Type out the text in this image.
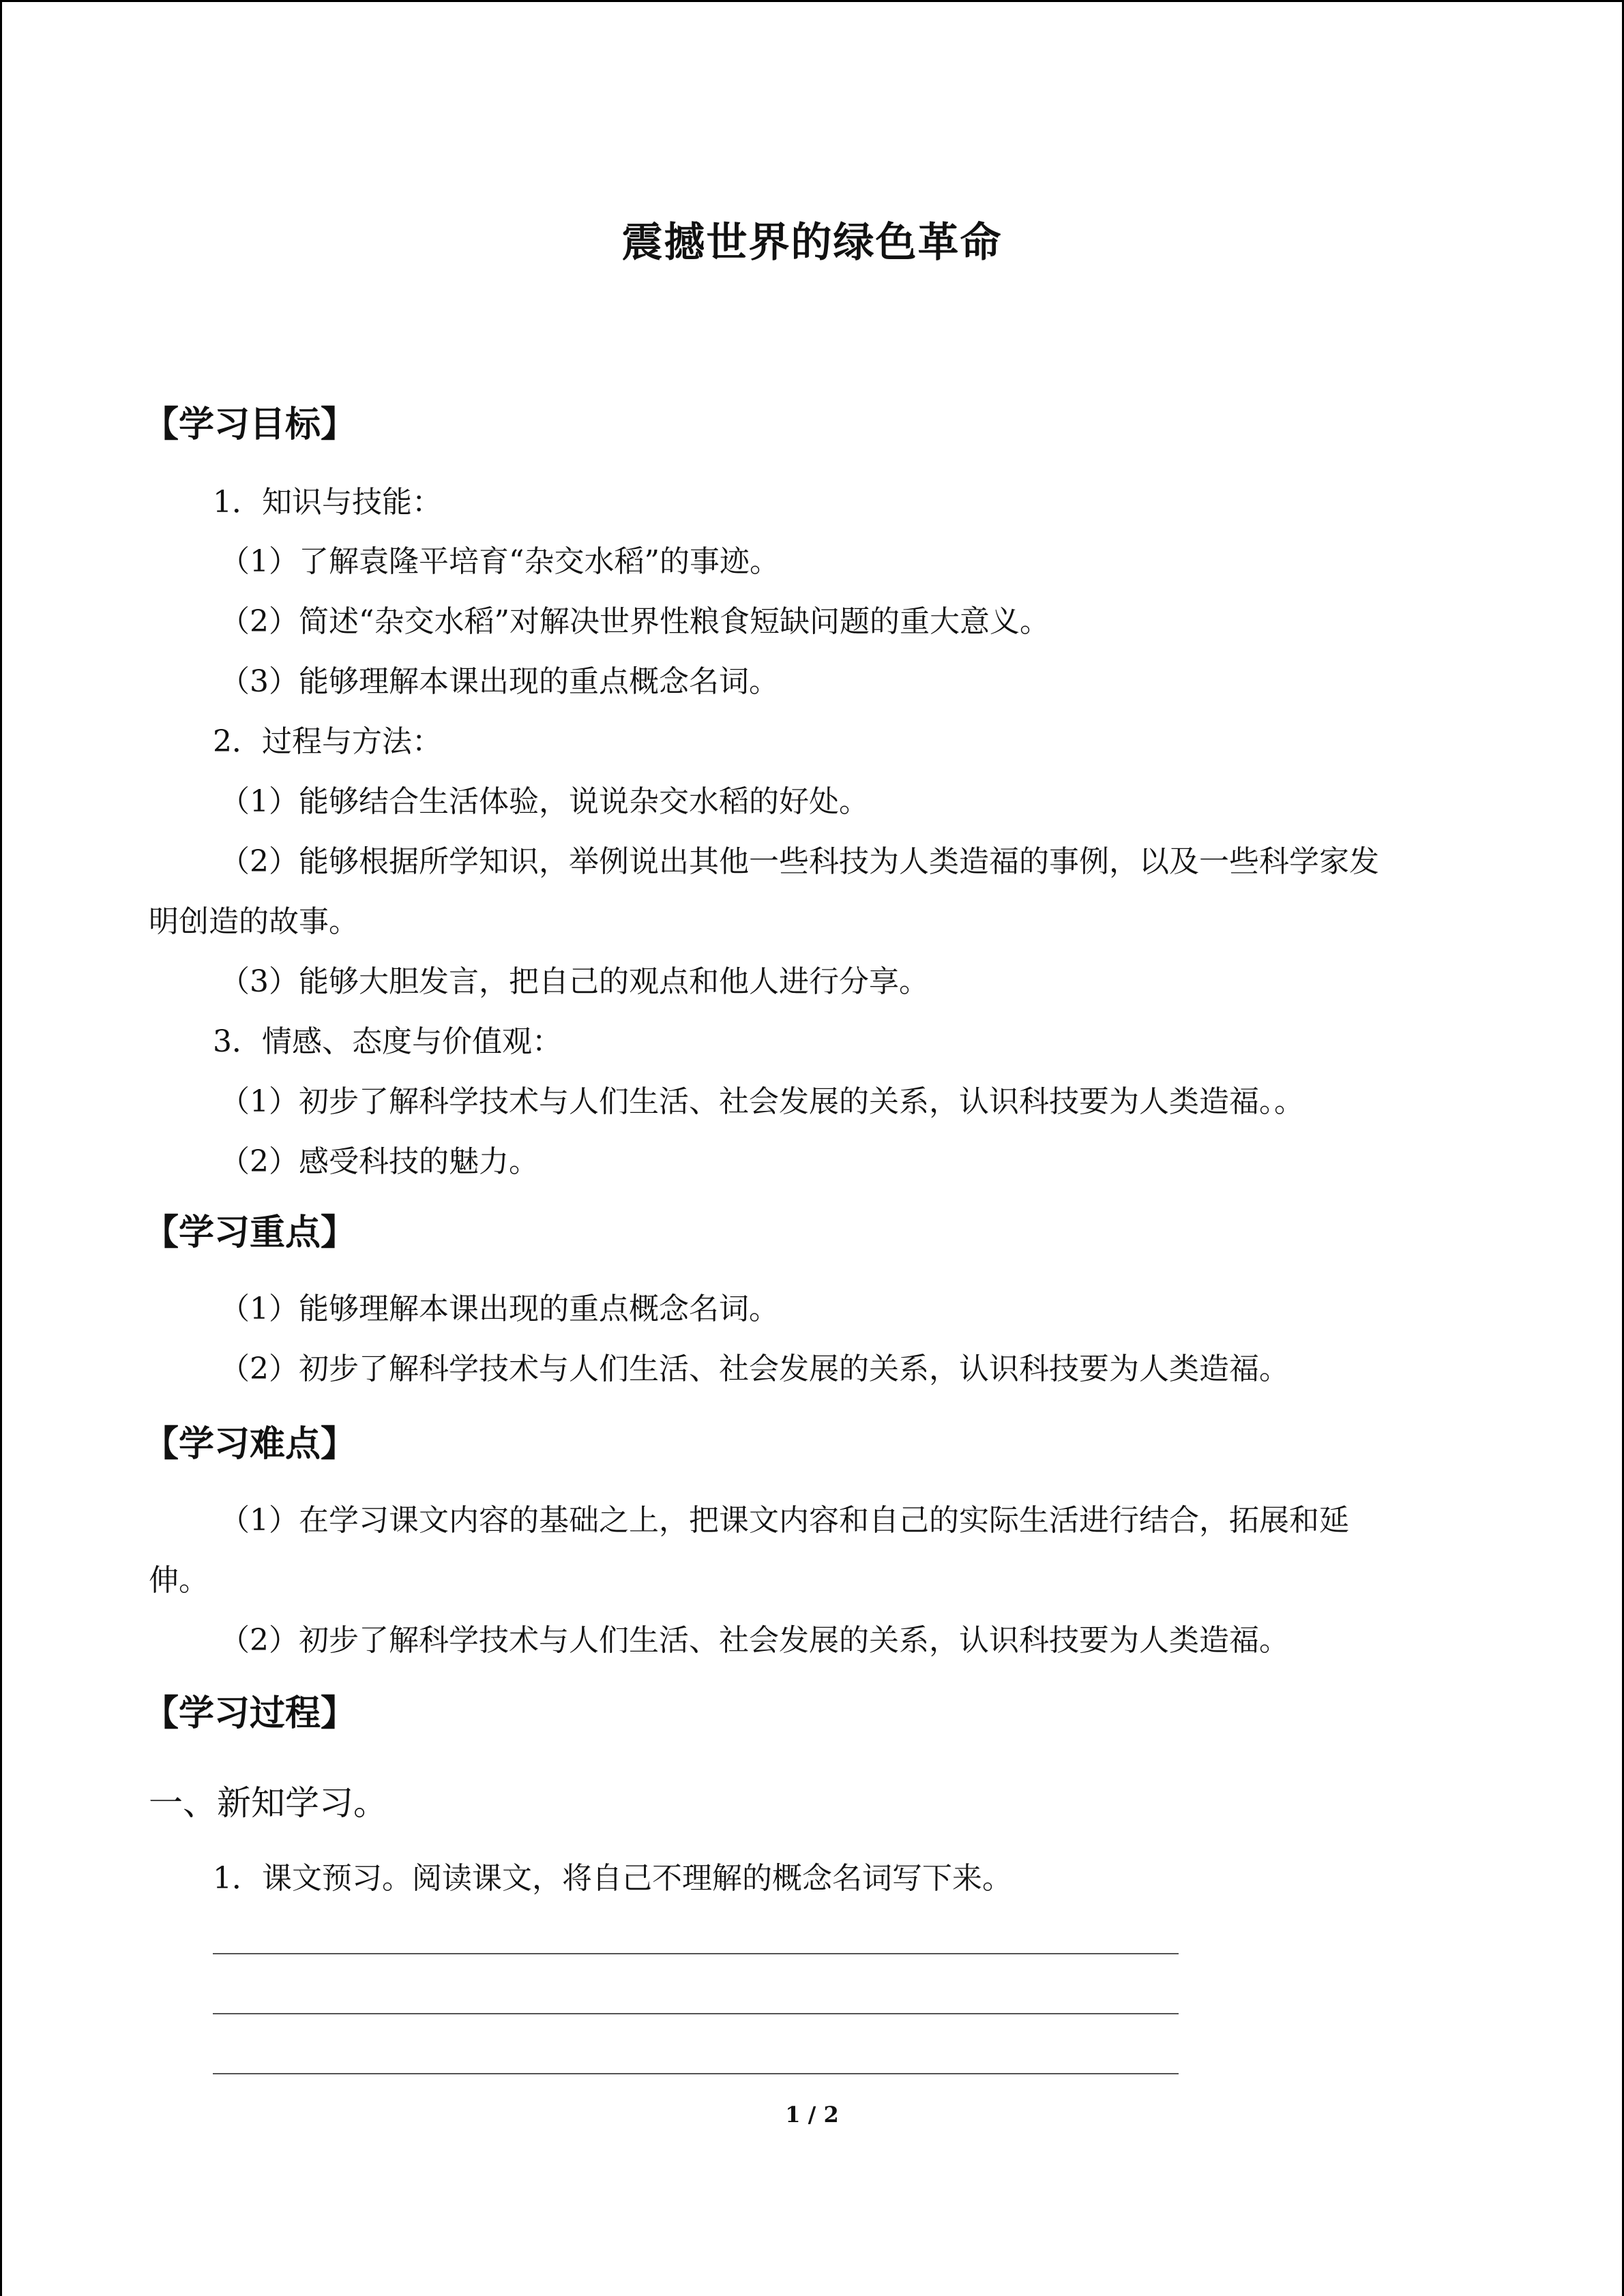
震撼世界的绿色革命
【学习目标】
1．知识与技能：
（1）了解袁隆平培育“杂交水稻”的事迹。
（2）简述“杂交水稻”对解决世界性粮食短缺问题的重大意义。
（3）能够理解本课出现的重点概念名词。
2．过程与方法：
（1）能够结合生活体验，说说杂交水稻的好处。
（2）能够根据所学知识，举例说出其他一些科技为人类造福的事例，以及一些科学家发
明创造的故事。
（3）能够大胆发言，把自己的观点和他人进行分享。
3．情感、态度与价值观：
（1）初步了解科学技术与人们生活、社会发展的关系，认识科技要为人类造福。。
（2）感受科技的魅力。
【学习重点】
（1）能够理解本课出现的重点概念名词。
（2）初步了解科学技术与人们生活、社会发展的关系，认识科技要为人类造福。
【学习难点】
（1）在学习课文内容的基础之上，把课文内容和自己的实际生活进行结合，拓展和延
伸。
（2）初步了解科学技术与人们生活、社会发展的关系，认识科技要为人类造福。
【学习过程】
一、新知学习。
1．课文预习。阅读课文，将自己不理解的概念名词写下来。
1 / 2
